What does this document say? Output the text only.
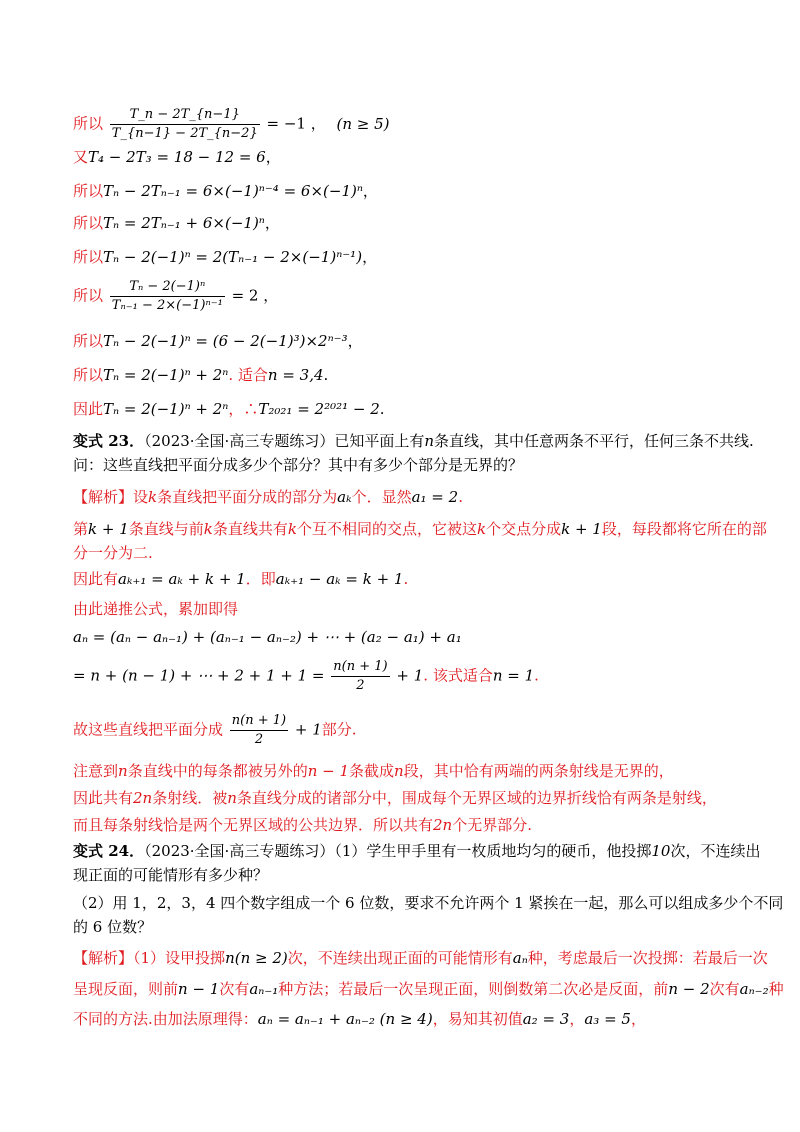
所以 $\frac{T\_n - 2T\_\{n-1\}}{T\_\{n-1\} - 2T\_\{n-2\}} = -1$ ， (n ≥ 5)
又T₄ − 2T₃ = 18 − 12 = 6，
所以Tₙ − 2Tₙ₋₁ = 6×(−1)ⁿ⁻⁴ = 6×(−1)ⁿ，
所以Tₙ = 2Tₙ₋₁ + 6×(−1)ⁿ，
所以Tₙ − 2(−1)ⁿ = 2(Tₙ₋₁ − 2×(−1)ⁿ⁻¹)，
所以 $\frac{\text{Tₙ − 2(−1)ⁿ}}{\text{Tₙ₋₁ − 2×(−1)ⁿ⁻¹}} = 2$ ，
所以Tₙ − 2(−1)ⁿ = (6 − 2(−1)³)×2ⁿ⁻³，
所以Tₙ = 2(−1)ⁿ + 2ⁿ. 适合n = 3,4.
因此Tₙ = 2(−1)ⁿ + 2ⁿ，∴T₂₀₂₁ = 2²⁰²¹ − 2.
变式 23．（2023·全国·高三专题练习）已知平面上有n条直线，其中任意两条不平行，任何三条不共线.
问：这些直线把平面分成多少个部分？其中有多少个部分是无界的？
【解析】设k条直线把平面分成的部分为aₖ个．显然a₁ = 2.
第k + 1条直线与前k条直线共有k个互不相同的交点，它被这k个交点分成k + 1段，每段都将它所在的部
分一分为二.
因此有aₖ₊₁ = aₖ + k + 1．即aₖ₊₁ − aₖ = k + 1.
由此递推公式，累加即得
aₙ = (aₙ − aₙ₋₁) + (aₙ₋₁ − aₙ₋₂) + ⋯ + (a₂ − a₁) + a₁
= n + (n − 1) + ⋯ + $2 + 1 + 1 = \frac{n(n + 1)}{2} + 1$. 该式适合n = 1.
故这些直线把平面分成 $\frac{n(n + 1)}{2} + 1$部分.
注意到n条直线中的每条都被另外的n − 1条截成n段，其中恰有两端的两条射线是无界的，
因此共有2n条射线．被n条直线分成的诸部分中，围成每个无界区域的边界折线恰有两条是射线，
而且每条射线恰是两个无界区域的公共边界．所以共有2n个无界部分.
变式 24．（2023·全国·高三专题练习）（1）学生甲手里有一枚质地均匀的硬币，他投掷10次，不连续出
现正面的可能情形有多少种？
（2）用 1，2，3，4 四个数字组成一个 6 位数，要求不允许两个 1 紧挨在一起，那么可以组成多少个不同
的 6 位数？
【解析】（1）设甲投掷n(n ≥ 2)次，不连续出现正面的可能情形有aₙ种，考虑最后一次投掷：若最后一次
呈现反面，则前n − 1次有aₙ₋₁种方法；若最后一次呈现正面，则倒数第二次必是反面，前n − 2次有aₙ₋₂种
不同的方法.由加法原理得：aₙ = aₙ₋₁ + aₙ₋₂ (n ≥ 4)，易知其初值a₂ = 3，a₃ = 5，
